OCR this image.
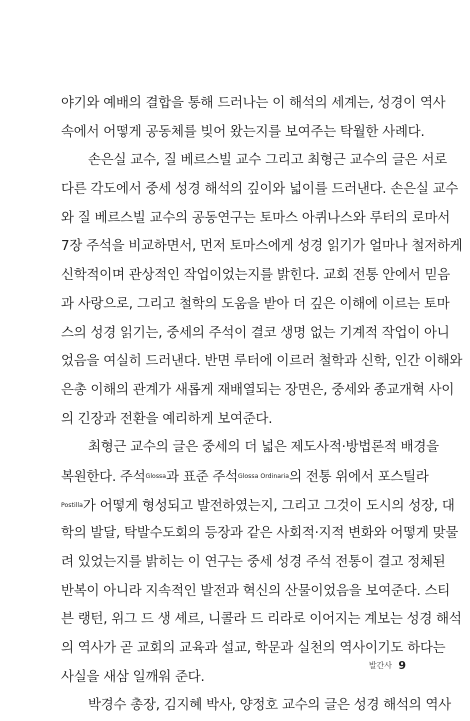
야기와 예배의 결합을 통해 드러나는 이 해석의 세계는, 성경이 역사
속에서 어떻게 공동체를 빚어 왔는지를 보여주는 탁월한 사례다.
손은실 교수, 질 베르스빌 교수 그리고 최형근 교수의 글은 서로
다른 각도에서 중세 성경 해석의 깊이와 넓이를 드러낸다. 손은실 교수
와 질 베르스빌 교수의 공동연구는 토마스 아퀴나스와 루터의 로마서
7장 주석을 비교하면서, 먼저 토마스에게 성경 읽기가 얼마나 철저하게
신학적이며 관상적인 작업이었는지를 밝힌다. 교회 전통 안에서 믿음
과 사랑으로, 그리고 철학의 도움을 받아 더 깊은 이해에 이르는 토마
스의 성경 읽기는, 중세의 주석이 결코 생명 없는 기계적 작업이 아니
었음을 여실히 드러낸다. 반면 루터에 이르러 철학과 신학, 인간 이해와
은총 이해의 관계가 새롭게 재배열되는 장면은, 중세와 종교개혁 사이
의 긴장과 전환을 예리하게 보여준다.
최형근 교수의 글은 중세의 더 넓은 제도사적·방법론적 배경을
복원한다. 주석$^{Glossa}$과 표준 주석$^{Glossa Ordinaria}$의 전통 위에서 포스틸라
$^{Postilla}$가 어떻게 형성되고 발전하였는지, 그리고 그것이 도시의 성장, 대
학의 발달, 탁발수도회의 등장과 같은 사회적·지적 변화와 어떻게 맞물
려 있었는지를 밝히는 이 연구는 중세 성경 주석 전통이 결고 정체된
반복이 아니라 지속적인 발전과 혁신의 산물이었음을 보여준다. 스티
븐 랭턴, 위그 드 생 셰르, 니콜라 드 리라로 이어지는 계보는 성경 해석
의 역사가 곧 교회의 교육과 설교, 학문과 실천의 역사이기도 하다는
사실을 새삼 일깨워 준다.
박경수 총장, 김지혜 박사, 양정호 교수의 글은 성경 해석의 역사
발간사 9
